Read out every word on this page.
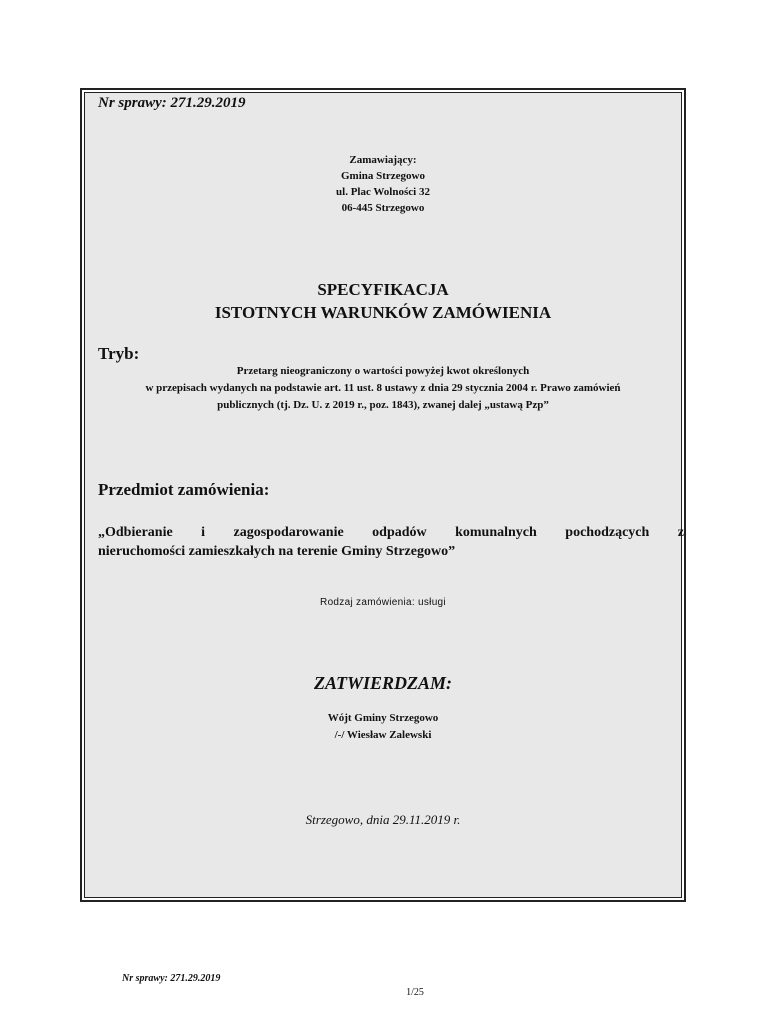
Nr sprawy: 271.29.2019
Zamawiający:
Gmina Strzegowo
ul. Plac Wolności 32
06-445 Strzegowo
SPECYFIKACJA
ISTOTNYCH WARUNKÓW ZAMÓWIENIA
Tryb:
Przetarg nieograniczony o wartości powyżej kwot określonych
w przepisach wydanych na podstawie art. 11 ust. 8 ustawy z dnia 29 stycznia 2004 r. Prawo zamówień
publicznych (tj. Dz. U. z 2019 r., poz. 1843), zwanej dalej „ustawą Pzp”
Przedmiot zamówienia:
„Odbieranie i zagospodarowanie odpadów komunalnych pochodzących z
nieruchomości zamieszkałych na terenie Gminy Strzegowo”
Rodzaj zamówienia: usługi
ZATWIERDZAM:
Wójt Gminy Strzegowo
/-/ Wiesław Zalewski
Strzegowo, dnia 29.11.2019 r.
Nr sprawy: 271.29.2019
1/25
